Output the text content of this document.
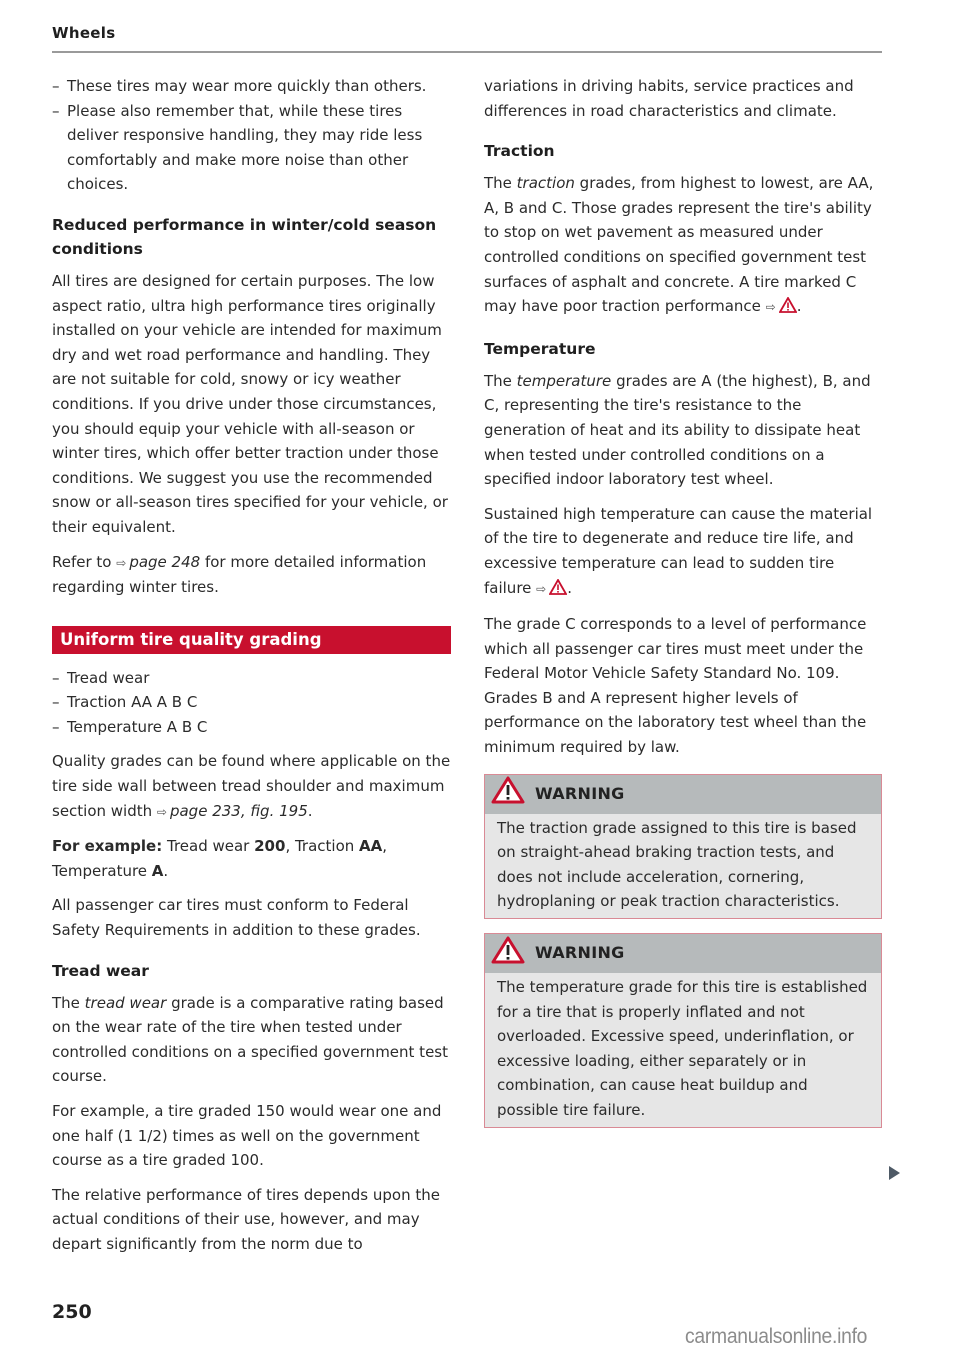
Wheels
– These tires may wear more quickly than others.
– Please also remember that, while these tires deliver responsive handling, they may ride less comfortably and make more noise than other choices.
Reduced performance in winter/cold season conditions

All tires are designed for certain purposes. The low aspect ratio, ultra high performance tires originally installed on your vehicle are intended for maximum dry and wet road performance and handling. They are not suitable for cold, snowy or icy weather conditions. If you drive under those circumstances, you should equip your vehicle with all-season or winter tires, which offer better traction under those conditions. We suggest you use the recommended snow or all-season tires specified for your vehicle, or their equivalent.

Refer to ⇨  page 248 for more detailed information regarding winter tires.

Uniform tire quality grading
– Tread wear
– Traction AA A B C
– Temperature A B C

Quality grades can be found where applicable on the tire side wall between tread shoulder and maximum section width ⇨  page 233, fig. 195.

For example: Tread wear 200, Traction AA, Temperature A.

All passenger car tires must conform to Federal Safety Requirements in addition to these grades.

Tread wear

The tread wear grade is a comparative rating based on the wear rate of the tire when tested under controlled conditions on a specified government test course.

For example, a tire graded 150 would wear one and one half (1 1/2) times as well on the government course as a tire graded 100.

The relative performance of tires depends upon the actual conditions of their use, however, and may depart significantly from the norm due to

variations in driving habits, service practices and differences in road characteristics and climate.

Traction

The traction grades, from highest to lowest, are AA, A, B and C. Those grades represent the tire's ability to stop on wet pavement as measured under controlled conditions on specified government test surfaces of asphalt and concrete. A tire marked C may have poor traction performance ⇨  .

Temperature

The temperature grades are A (the highest), B, and C, representing the tire's resistance to the generation of heat and its ability to dissipate heat when tested under controlled conditions on a specified indoor laboratory test wheel.

Sustained high temperature can cause the material of the tire to degenerate and reduce tire life, and excessive temperature can lead to sudden tire failure ⇨  .

The grade C corresponds to a level of performance which all passenger car tires must meet under the Federal Motor Vehicle Safety Standard No. 109. Grades B and A represent higher levels of performance on the laboratory test wheel than the minimum required by law.

WARNING
The traction grade assigned to this tire is based on straight-ahead braking traction tests, and does not include acceleration, cornering, hydroplaning or peak traction characteristics.
WARNING
The temperature grade for this tire is established for a tire that is properly inflated and not overloaded. Excessive speed, underinflation, or excessive loading, either separately or in combination, can cause heat buildup and possible tire failure.
250
carmanualsonline.info
